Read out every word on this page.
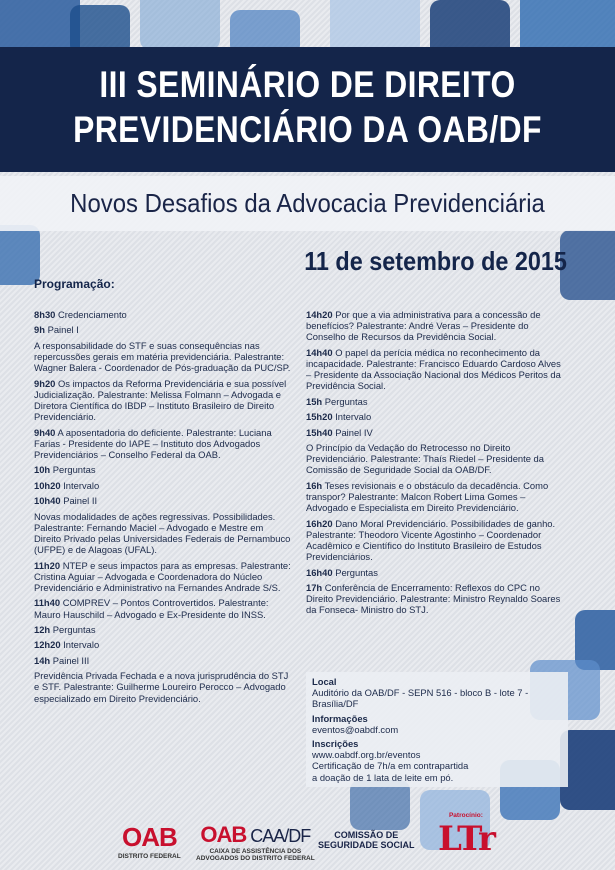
III SEMINÁRIO DE DIREITO
PREVIDENCIÁRIO DA OAB/DF
Novos Desafios da Advocacia Previdenciária
11 de setembro de 2015
Programação:
8h30 Credenciamento
9h Painel I
A responsabilidade do STF e suas consequências nas repercussões gerais em matéria previdenciária. Palestrante: Wagner Balera - Coordenador de Pós-graduação da PUC/SP.
9h20 Os impactos da Reforma Previdenciária e sua possível Judicialização. Palestrante: Melissa Folmann – Advogada e Diretora Científica do IBDP – Instituto Brasileiro de Direito Previdenciário.
9h40 A aposentadoria do deficiente. Palestrante: Luciana Farias - Presidente do IAPE – Instituto dos Advogados Previdenciários – Conselho Federal da OAB.
10h Perguntas
10h20 Intervalo
10h40 Painel II
Novas modalidades de ações regressivas. Possibilidades. Palestrante: Fernando Maciel – Advogado e Mestre em Direito Privado pelas Universidades Federais de Pernambuco (UFPE) e de Alagoas (UFAL).
11h20 NTEP e seus impactos para as empresas. Palestrante: Cristina Aguiar – Advogada e Coordenadora do Núcleo Previdenciário e Administrativo na Fernandes Andrade S/S.
11h40 COMPREV – Pontos Controvertidos. Palestrante: Mauro Hauschild – Advogado e Ex-Presidente do INSS.
12h Perguntas
12h20 Intervalo
14h Painel III
Previdência Privada Fechada e a nova jurisprudência do STJ e STF. Palestrante: Guilherme Loureiro Perocco – Advogado especializado em Direito Previdenciário.
14h20 Por que a via administrativa para a concessão de benefícios? Palestrante: André Veras – Presidente do Conselho de Recursos da Previdência Social.
14h40 O papel da perícia médica no reconhecimento da incapacidade. Palestrante: Francisco Eduardo Cardoso Alves – Presidente da Associação Nacional dos Médicos Peritos da Previdência Social.
15h Perguntas
15h20 Intervalo
15h40 Painel IV
O Princípio da Vedação do Retrocesso no Direito Previdenciário. Palestrante: Thaís Riedel – Presidente da Comissão de Seguridade Social da OAB/DF.
16h Teses revisionais e o obstáculo da decadência. Como transpor? Palestrante: Malcon Robert Lima Gomes – Advogado e Especialista em Direito Previdenciário.
16h20 Dano Moral Previdenciário. Possibilidades de ganho. Palestrante: Theodoro Vicente Agostinho – Coordenador Acadêmico e Científico do Instituto Brasileiro de Estudos Previdenciários.
16h40 Perguntas
17h Conferência de Encerramento: Reflexos do CPC no Direito Previdenciário. Palestrante: Ministro Reynaldo Soares da Fonseca- Ministro do STJ.
Local
Auditório da OAB/DF - SEPN 516 - bloco B - lote 7 - Brasília/DF
Informações
eventos@oabdf.com
Inscrições
www.oabdf.org.br/eventos
Certificação de 7h/a em contrapartida
a doação de 1 lata de leite em pó.
OAB
DISTRITO FEDERAL
OAB CAA/DF
CAIXA DE ASSISTÊNCIA DOS
ADVOGADOS DO DISTRITO FEDERAL
COMISSÃO DE
SEGURIDADE SOCIAL
Patrocínio:
LTr
